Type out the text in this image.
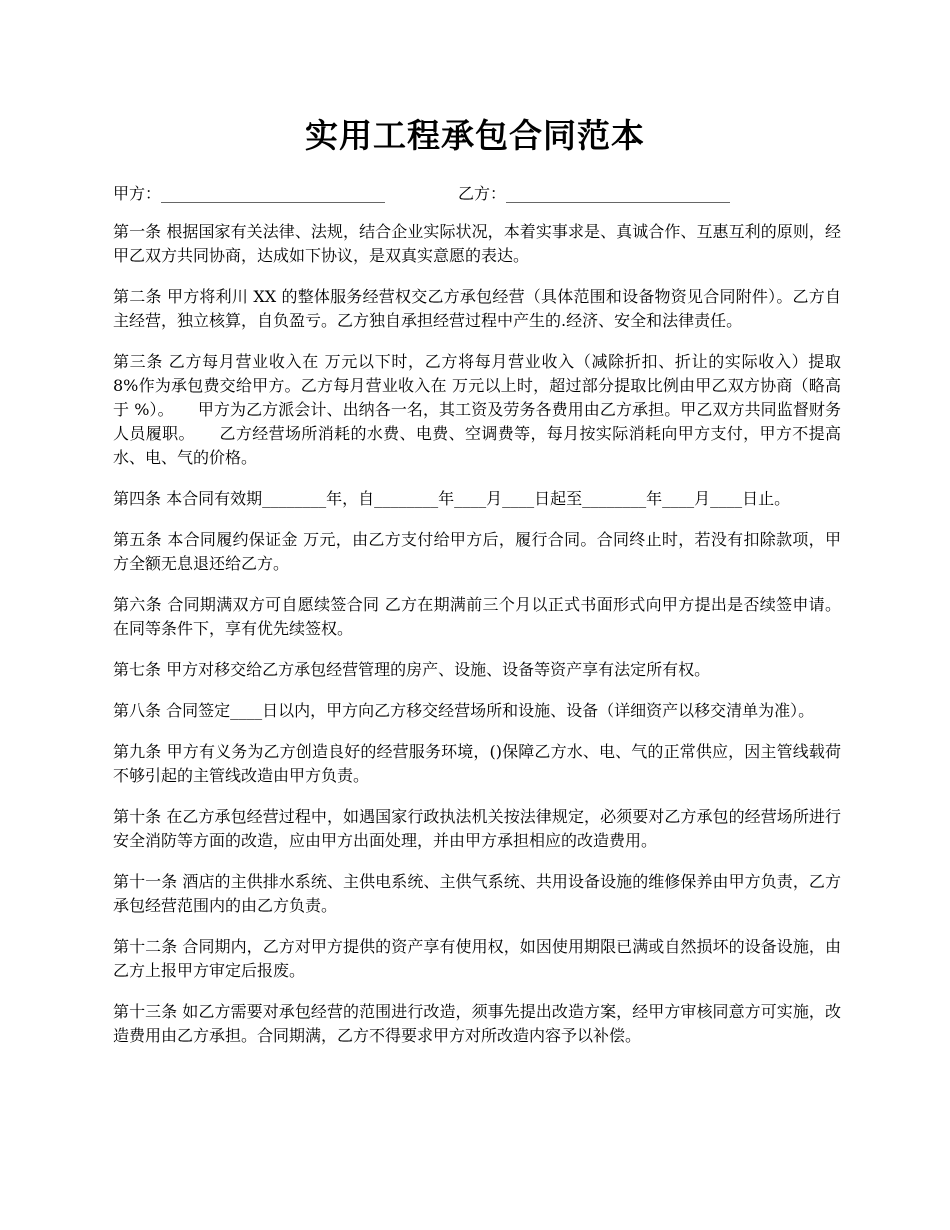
实用工程承包合同范本
甲方：____________________________	乙方：____________________________

第一条 根据国家有关法律、法规，结合企业实际状况，本着实事求是、真诚合作、互惠互利的原则，经甲乙双方共同协商，达成如下协议，是双真实意愿的表达。

第二条 甲方将利川 XX 的整体服务经营权交乙方承包经营（具体范围和设备物资见合同附件）。乙方自主经营，独立核算，自负盈亏。乙方独自承担经营过程中产生的.经济、安全和法律责任。

第三条 乙方每月营业收入在 万元以下时，乙方将每月营业收入（减除折扣、折让的实际收入）提取 8%作为承包费交给甲方。乙方每月营业收入在 万元以上时，超过部分提取比例由甲乙双方协商（略高于 %）。　　甲方为乙方派会计、出纳各一名，其工资及劳务各费用由乙方承担。甲乙双方共同监督财务人员履职。　　乙方经营场所消耗的水费、电费、空调费等，每月按实际消耗向甲方支付，甲方不提高水、电、气的价格。

第四条 本合同有效期________年，自________年____月____日起至________年____月____日止。

第五条 本合同履约保证金 万元，由乙方支付给甲方后，履行合同。合同终止时，若没有扣除款项，甲方全额无息退还给乙方。

第六条 合同期满双方可自愿续签合同 乙方在期满前三个月以正式书面形式向甲方提出是否续签申请。在同等条件下，享有优先续签权。

第七条 甲方对移交给乙方承包经营管理的房产、设施、设备等资产享有法定所有权。

第八条 合同签定____日以内，甲方向乙方移交经营场所和设施、设备（详细资产以移交清单为准）。

第九条 甲方有义务为乙方创造良好的经营服务环境，()保障乙方水、电、气的正常供应，因主管线载荷不够引起的主管线改造由甲方负责。

第十条 在乙方承包经营过程中，如遇国家行政执法机关按法律规定，必须要对乙方承包的经营场所进行安全消防等方面的改造，应由甲方出面处理，并由甲方承担相应的改造费用。

第十一条 酒店的主供排水系统、主供电系统、主供气系统、共用设备设施的维修保养由甲方负责，乙方承包经营范围内的由乙方负责。

第十二条 合同期内，乙方对甲方提供的资产享有使用权，如因使用期限已满或自然损坏的设备设施，由乙方上报甲方审定后报废。

第十三条 如乙方需要对承包经营的范围进行改造，须事先提出改造方案，经甲方审核同意方可实施，改造费用由乙方承担。合同期满，乙方不得要求甲方对所改造内容予以补偿。
